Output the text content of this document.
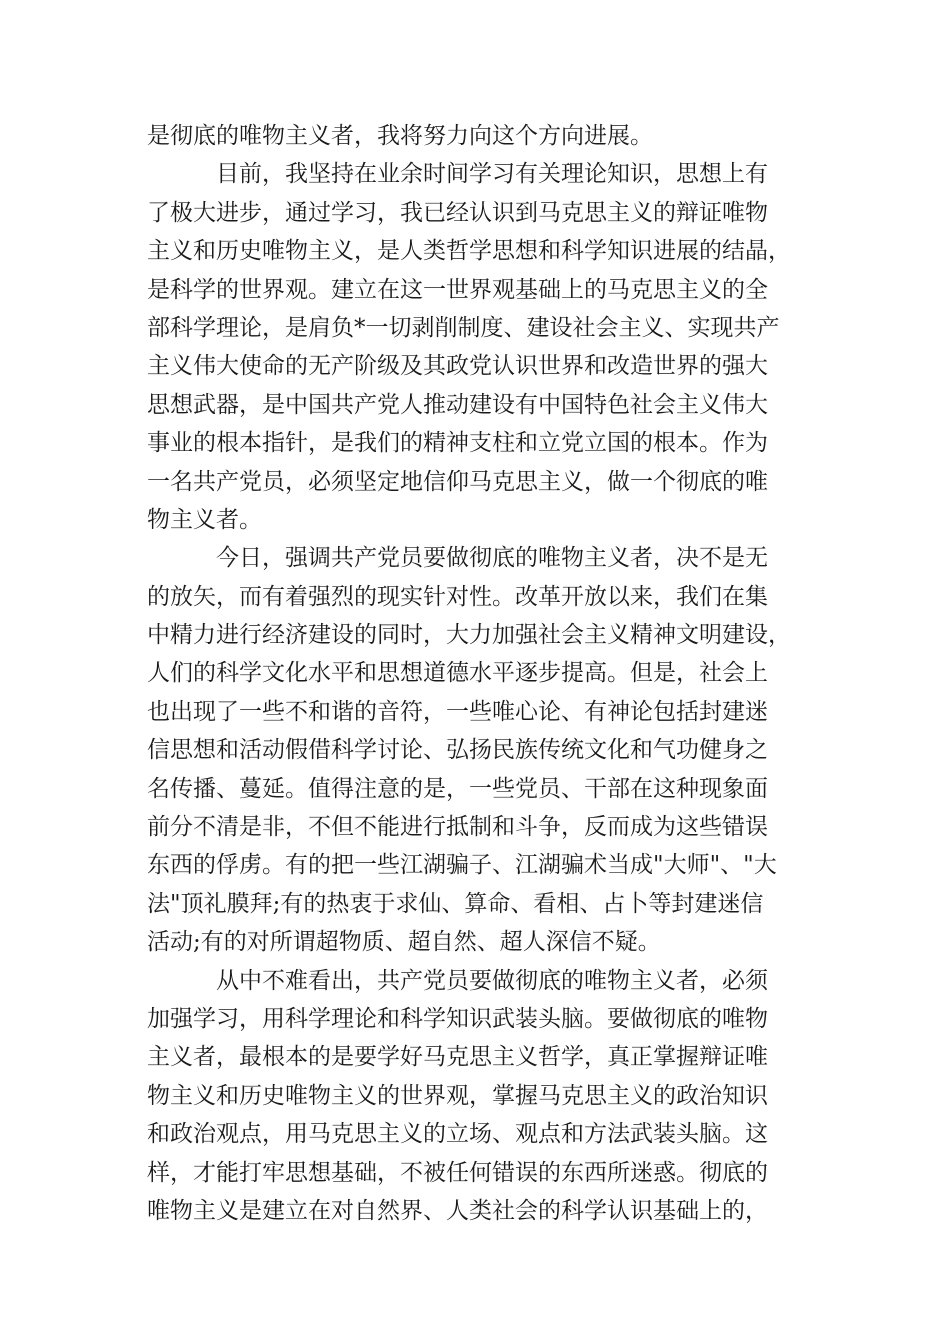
是彻底的唯物主义者，我将努力向这个方向进展。
目前，我坚持在业余时间学习有关理论知识，思想上有
了极大进步，通过学习，我已经认识到马克思主义的辩证唯物
主义和历史唯物主义，是人类哲学思想和科学知识进展的结晶，
是科学的世界观。建立在这一世界观基础上的马克思主义的全
部科学理论，是肩负*一切剥削制度、建设社会主义、实现共产
主义伟大使命的无产阶级及其政党认识世界和改造世界的强大
思想武器，是中国共产党人推动建设有中国特色社会主义伟大
事业的根本指针，是我们的精神支柱和立党立国的根本。作为
一名共产党员，必须坚定地信仰马克思主义，做一个彻底的唯
物主义者。
今日，强调共产党员要做彻底的唯物主义者，决不是无
的放矢，而有着强烈的现实针对性。改革开放以来，我们在集
中精力进行经济建设的同时，大力加强社会主义精神文明建设，
人们的科学文化水平和思想道德水平逐步提高。但是，社会上
也出现了一些不和谐的音符，一些唯心论、有神论包括封建迷
信思想和活动假借科学讨论、弘扬民族传统文化和气功健身之
名传播、蔓延。值得注意的是，一些党员、干部在这种现象面
前分不清是非，不但不能进行抵制和斗争，反而成为这些错误
东西的俘虏。有的把一些江湖骗子、江湖骗术当成"大师"、"大
法"顶礼膜拜;有的热衷于求仙、算命、看相、占卜等封建迷信
活动;有的对所谓超物质、超自然、超人深信不疑。
从中不难看出，共产党员要做彻底的唯物主义者，必须
加强学习，用科学理论和科学知识武装头脑。要做彻底的唯物
主义者，最根本的是要学好马克思主义哲学，真正掌握辩证唯
物主义和历史唯物主义的世界观，掌握马克思主义的政治知识
和政治观点，用马克思主义的立场、观点和方法武装头脑。这
样，才能打牢思想基础，不被任何错误的东西所迷惑。彻底的
唯物主义是建立在对自然界、人类社会的科学认识基础上的，
